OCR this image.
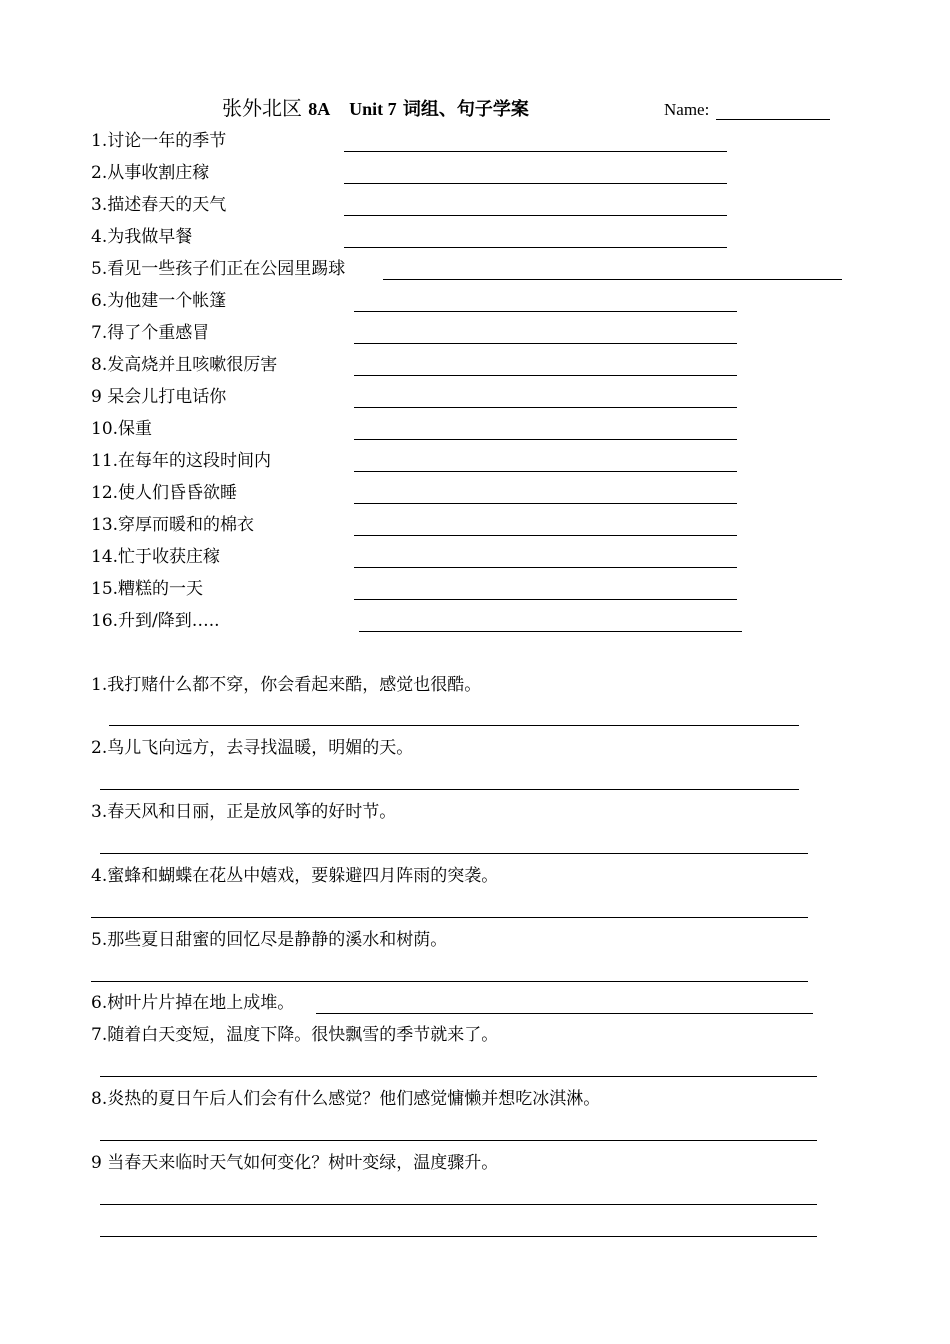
张外北区 8A Unit 7 词组、句子学案	Name:
1.讨论一年的季节
2.从事收割庄稼
3.描述春天的天气
4.为我做早餐
5.看见一些孩子们正在公园里踢球
6.为他建一个帐篷
7.得了个重感冒
8.发高烧并且咳嗽很厉害
9 呆会儿打电话你
10.保重
11.在每年的这段时间内
12.使人们昏昏欲睡
13.穿厚而暖和的棉衣
14.忙于收获庄稼
15.糟糕的一天
16.升到/降到…..
1.我打赌什么都不穿，你会看起来酷，感觉也很酷。
2.鸟儿飞向远方，去寻找温暖，明媚的天。
3.春天风和日丽，正是放风筝的好时节。
4.蜜蜂和蝴蝶在花丛中嬉戏，要躲避四月阵雨的突袭。
5.那些夏日甜蜜的回忆尽是静静的溪水和树荫。
6.树叶片片掉在地上成堆。
7.随着白天变短，温度下降。很快飘雪的季节就来了。
8.炎热的夏日午后人们会有什么感觉？他们感觉慵懒并想吃冰淇淋。
9 当春天来临时天气如何变化？树叶变绿，温度骤升。
